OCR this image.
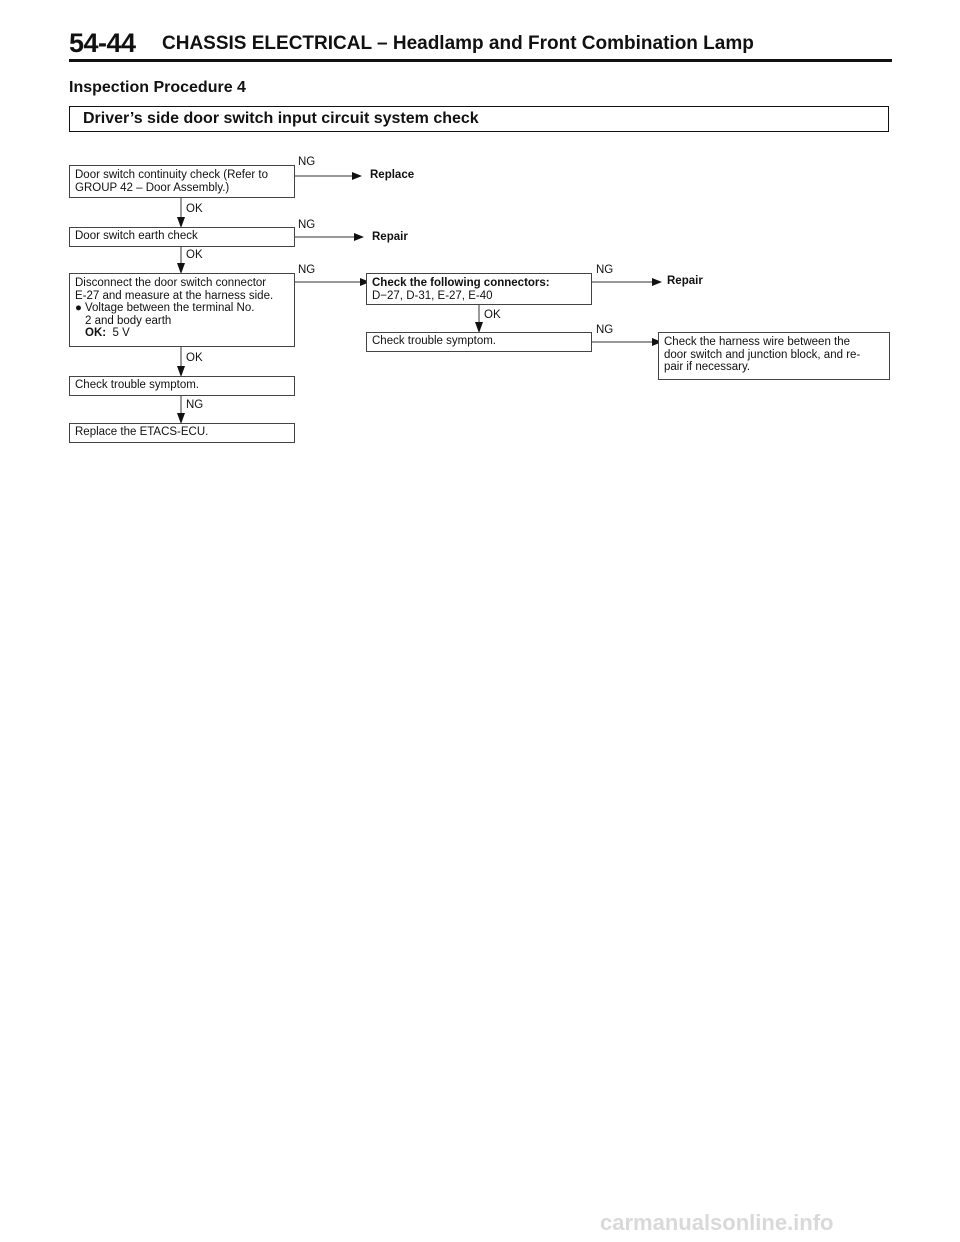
54-44 CHASSIS ELECTRICAL – Headlamp and Front Combination Lamp
Inspection Procedure 4
Driver’s side door switch input circuit system check
Door switch continuity check (Refer to
GROUP 42 – Door Assembly.)
NG
Replace
OK
Door switch earth check
NG
Repair
OK
Disconnect the door switch connector
E-27 and measure at the harness side.
● Voltage between the terminal No.
2 and body earth
OK: 5 V
NG
OK
Check the following connectors:
D−27, D-31, E-27, E-40
NG
Repair
OK
Check trouble symptom.
NG
Check the harness wire between the
door switch and junction block, and re-
pair if necessary.
Check trouble symptom.
NG
Replace the ETACS-ECU.
carmanualsonline.info
